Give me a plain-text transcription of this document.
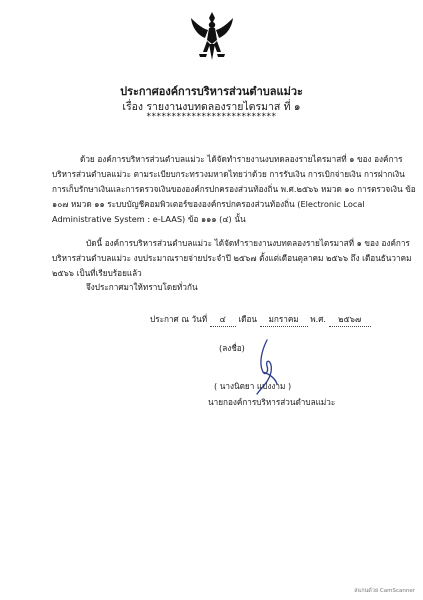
ประกาศองค์การบริหารส่วนตำบลแม่วะ
เรื่อง รายงานงบทดลองรายไตรมาส ที่ ๑
**************************
ด้วย องค์การบริหารส่วนตำบลแม่วะ ได้จัดทำรายงานงบทดลองรายไตรมาสที่ ๑ ของ องค์การ
บริหารส่วนตำบลแม่วะ ตามระเบียบกระทรวงมหาดไทยว่าด้วย การรับเงิน การเบิกจ่ายเงิน การฝากเงิน
การเก็บรักษาเงินและการตรวจเงินขององค์กรปกครองส่วนท้องถิ่น พ.ศ.๒๕๖๖ หมวด ๑๐ การตรวจเงิน ข้อ
๑๐๗ หมวด ๑๑ ระบบบัญชีคอมพิวเตอร์ขององค์กรปกครองส่วนท้องถิ่น (Electronic Local
Administrative System : e-LAAS) ข้อ ๑๑๑ (๔) นั้น
บัดนี้ องค์การบริหารส่วนตำบลแม่วะ ได้จัดทำรายงานงบทดลองรายไตรมาสที่ ๑ ของ องค์การ
บริหารส่วนตำบลแม่วะ งบประมาณรายจ่ายประจำปี ๒๕๖๗ ตั้งแต่เดือนตุลาคม ๒๕๖๖ ถึง เดือนธันวาคม
๒๕๖๖ เป็นที่เรียบร้อยแล้ว
จึงประกาศมาให้ทราบโดยทั่วกัน
ประกาศ ณ วันที่ ๔ เดือน มกราคม พ.ศ. ๒๕๖๗
(ลงชื่อ)
( นางนิตยา แปงงาม )
นายกองค์การบริหารส่วนตำบลแม่วะ
สแกนด้วย CamScanner
